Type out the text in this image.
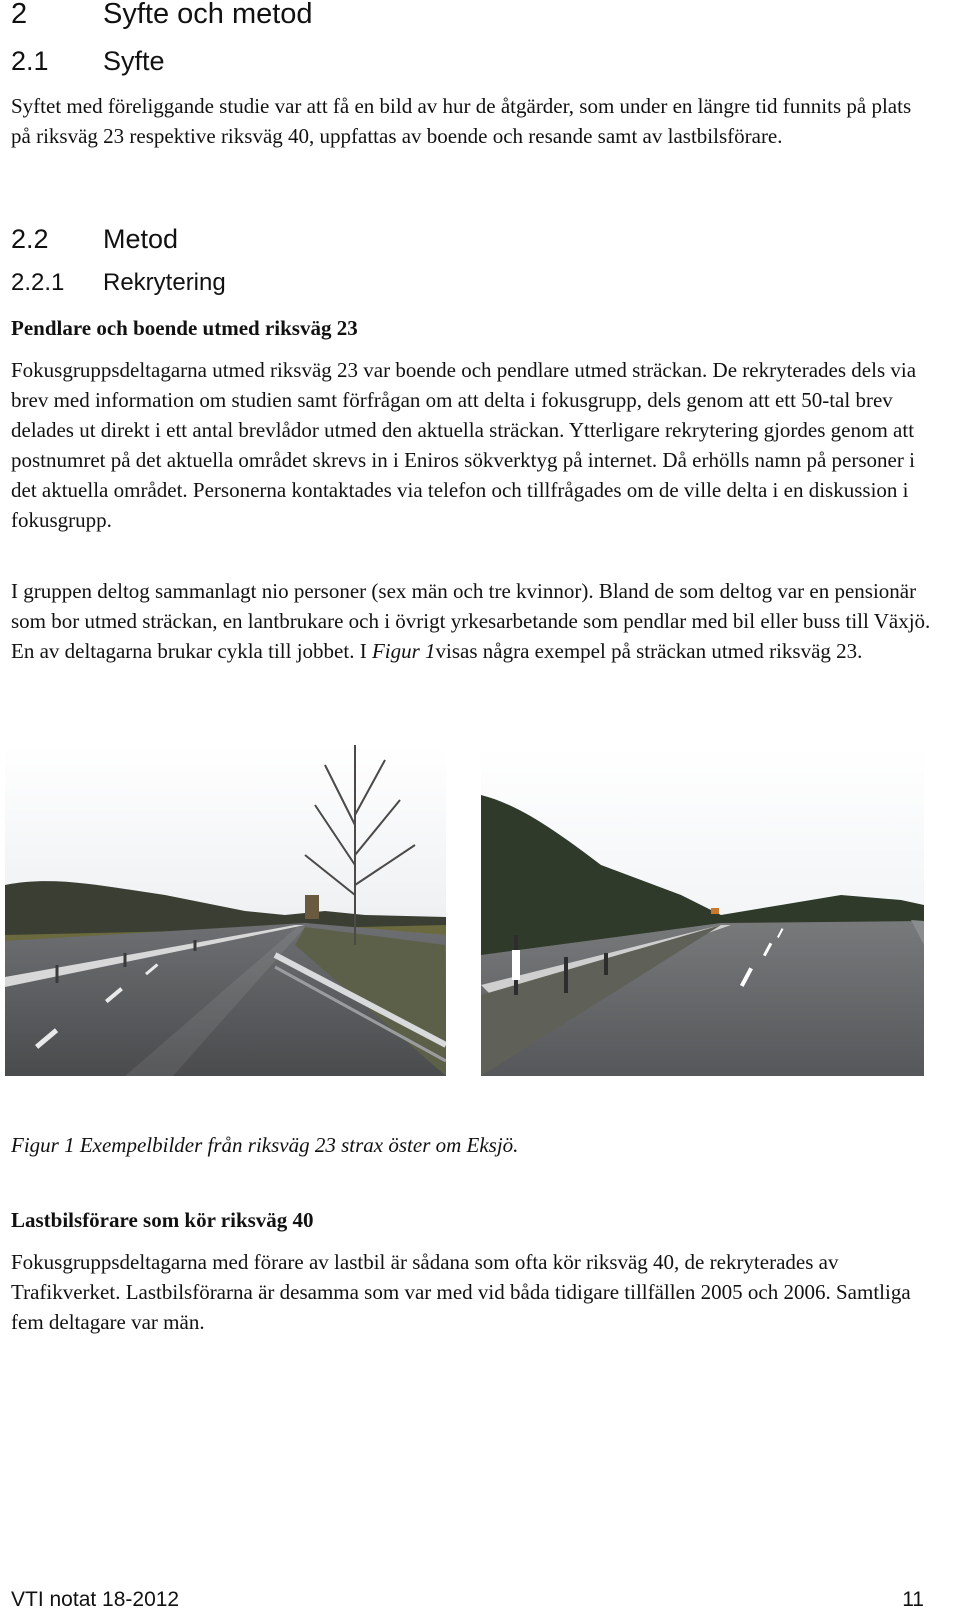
2	Syfte och metod
2.1 Syfte

Syftet med föreliggande studie var att få en bild av hur de åtgärder, som under en längre tid funnits på plats på riksväg 23 respektive riksväg 40, uppfattas av boende och resande samt av lastbilsförare.

2.2 Metod
2.2.1 Rekrytering
Pendlare och boende utmed riksväg 23

Fokusgruppsdeltagarna utmed riksväg 23 var boende och pendlare utmed sträckan. De rekryterades dels via brev med information om studien samt förfrågan om att delta i fokusgrupp, dels genom att ett 50-tal brev delades ut direkt i ett antal brevlådor utmed den aktuella sträckan. Ytterligare rekrytering gjordes genom att postnumret på det aktuella området skrevs in i Eniros sökverktyg på internet. Då erhölls namn på personer i det aktuella området. Personerna kontaktades via telefon och tillfrågades om de ville delta i en diskussion i fokusgrupp.

I gruppen deltog sammanlagt nio personer (sex män och tre kvinnor). Bland de som deltog var en pensionär som bor utmed sträckan, en lantbrukare och i övrigt yrkesarbetande som pendlar med bil eller buss till Växjö. En av deltagarna brukar cykla till jobbet. I Figur 1visas några exempel på sträckan utmed riksväg 23.

Figur 1 Exempelbilder från riksväg 23 strax öster om Eksjö.
Lastbilsförare som kör riksväg 40

Fokusgruppsdeltagarna med förare av lastbil är sådana som ofta kör riksväg 40, de rekryterades av Trafikverket. Lastbilsförarna är desamma som var med vid båda tidigare tillfällen 2005 och 2006. Samtliga fem deltagare var män.

VTI notat 18-2012	11
